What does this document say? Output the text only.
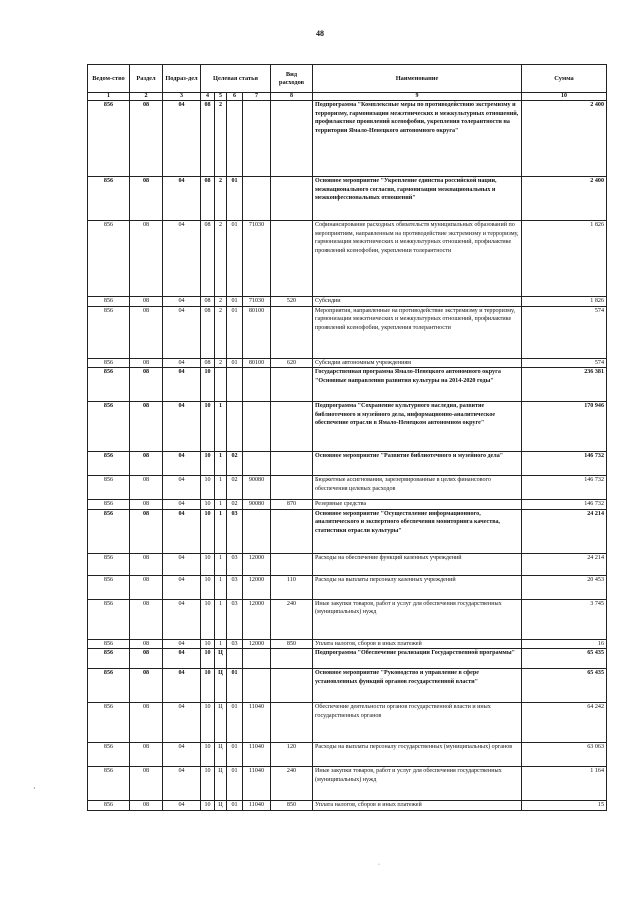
48
Ведом-ство	Раздел	Подраз-дел	Целевая статья				Вид расходов	Наименование	Сумма
1	2	3	4	5	6	7	8	9	10
856	08	04	08	2				Подпрограмма "Комплексные меры по противодействию экстремизму и терроризму, гармонизации межэтнических и межкультурных отношений, профилактике проявлений ксенофобии, укрепления толерантности на территории Ямало-Ненецкого автономного округа"	2 400
856	08	04	08	2	01			Основное мероприятие "Укрепление единства российской нации, межнационального согласия, гармонизации межнациональных и межконфессиональных отношений"	2 400
856	08	04	08	2	01	71030		Софинансирование расходных обязательств муниципальных образований по мероприятиям, направленным на противодействие экстремизму и терроризму, гармонизации межэтнических и межкультурных отношений, профилактике проявлений ксенофобии, укреплении толерантности	1 826
856	08	04	08	2	01	71030	520	Субсидии	1 826
856	08	04	08	2	01	80100		Мероприятия, направленные на противодействие экстремизму и терроризму, гармонизации межэтнических и межкультурных отношений, профилактике проявлений ксенофобии, укрепления толерантности	574
856	08	04	08	2	01	80100	620	Субсидии автономным учреждениям	574
856	08	04	10					Государственная программа Ямало-Ненецкого автономного округа "Основные направления развития культуры на 2014-2020 годы"	236 381
856	08	04	10	1				Подпрограмма "Сохранение культурного наследия, развитие библиотечного и музейного дела, информационно-аналитическое обеспечение отрасли в Ямало-Ненецком автономном округе"	170 946
856	08	04	10	1	02			Основное мероприятие "Развитие библиотечного и музейного дела"	146 732
856	08	04	10	1	02	90080		Бюджетные ассигнования, зарезервированные в целях финансового обеспечения целевых расходов	146 732
856	08	04	10	1	02	90080	870	Резервные средства	146 732
856	08	04	10	1	03			Основное мероприятие "Осуществление информационного, аналитического и экспертного обеспечения мониторинга качества, статистики отрасли культуры"	24 214
856	08	04	10	1	03	12000		Расходы на обеспечение функций казенных учреждений	24 214
856	08	04	10	1	03	12000	110	Расходы на выплаты персоналу казенных учреждений	20 453
856	08	04	10	1	03	12000	240	Иные закупки товаров, работ и услуг для обеспечения государственных (муниципальных) нужд	3 745
856	08	04	10	1	03	12000	850	Уплата налогов, сборов и иных платежей	16
856	08	04	10	Ц				Подпрограмма "Обеспечение реализации Государственной программы"	65 435
856	08	04	10	Ц	01			Основное мероприятие "Руководство и управление в сфере установленных функций органов государственной власти"	65 435
856	08	04	10	Ц	01	11040		Обеспечение деятельности органов государственной власти и иных государственных органов	64 242
856	08	04	10	Ц	01	11040	120	Расходы на выплаты персоналу государственных (муниципальных) органов	63 063
856	08	04	10	Ц	01	11040	240	Иные закупки товаров, работ и услуг для обеспечения государственных (муниципальных) нужд	1 164
856	08	04	10	Ц	01	11040	850	Уплата налогов, сборов и иных платежей	15
·
·
